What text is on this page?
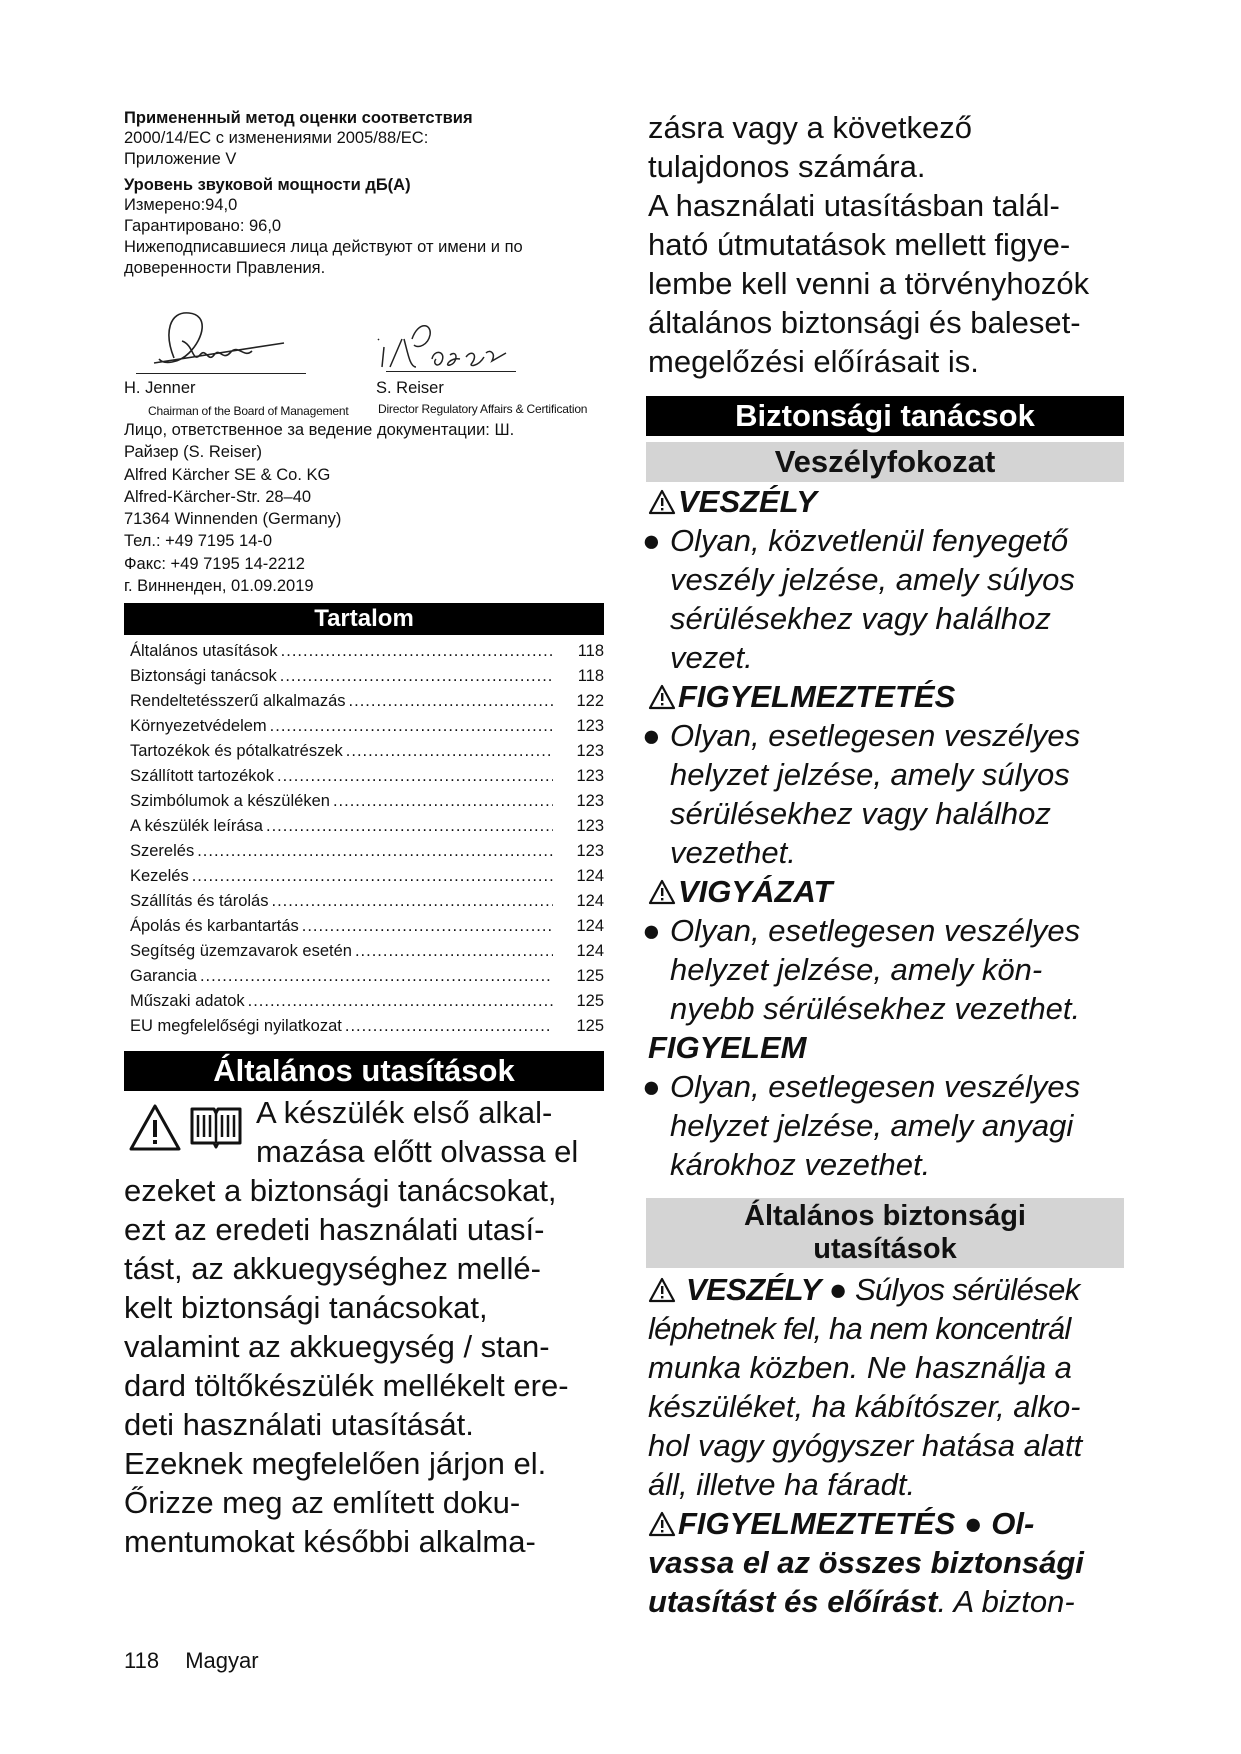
Примененный метод оценки соответствия
2000/14/EC с изменениями 2005/88/EC:
Приложение V
Уровень звуковой мощности дБ(A)
Измерено:94,0
Гарантировано: 96,0
Нижеподписавшиеся лица действуют от имени и по
доверенности Правления.
H. Jenner
Chairman of the Board of Management
S. Reiser
Director Regulatory Affairs & Certification
Лицо, ответственное за ведение документации: Ш.
Райзер (S. Reiser)
Alfred Kärcher SE & Co. KG
Alfred-Kärcher-Str. 28–40
71364 Winnenden (Germany)
Тел.: +49 7195 14-0
Факс: +49 7195 14-2212
г. Винненден, 01.09.2019
Tartalom
Általános utasítások .....	118
Biztonsági tanácsok .....	118
Rendeltetésszerű alkalmazás .....	122
Környezetvédelem .....	123
Tartozékok és pótalkatrészek .....	123
Szállított tartozékok .....	123
Szimbólumok a készüléken .....	123
A készülék leírása .....	123
Szerelés .....	123
Kezelés .....	124
Szállítás és tárolás .....	124
Ápolás és karbantartás .....	124
Segítség üzemzavarok esetén .....	124
Garancia .....	125
Műszaki adatok .....	125
EU megfelelőségi nyilatkozat .....	125
Általános utasítások
A készülék első alkal-
mazása előtt olvassa el
ezeket a biztonsági tanácsokat,
ezt az eredeti használati utasí-
tást, az akkuegységhez mellé-
kelt biztonsági tanácsokat,
valamint az akkuegység / stan-
dard töltőkészülék mellékelt ere-
deti használati utasítását.
Ezeknek megfelelően járjon el.
Őrizze meg az említett doku-
mentumokat későbbi alkalma-
zásra vagy a következő
tulajdonos számára.
A használati utasításban talál-
ható útmutatások mellett figye-
lembe kell venni a törvényhozók
általános biztonsági és baleset-
megelőzési előírásait is.
Biztonsági tanácsok
Veszélyfokozat
VESZÉLY
● Olyan, közvetlenül fenyegető
veszély jelzése, amely súlyos
sérülésekhez vagy halálhoz
vezet.
FIGYELMEZTETÉS
● Olyan, esetlegesen veszélyes
helyzet jelzése, amely súlyos
sérülésekhez vagy halálhoz
vezethet.
VIGYÁZAT
● Olyan, esetlegesen veszélyes
helyzet jelzése, amely kön-
nyebb sérülésekhez vezethet.
FIGYELEM
● Olyan, esetlegesen veszélyes
helyzet jelzése, amely anyagi
károkhoz vezethet.
Általános biztonsági
utasítások
VESZÉLY ● Súlyos sérülések
léphetnek fel, ha nem koncentrál
munka közben. Ne használja a
készüléket, ha kábítószer, alko-
hol vagy gyógyszer hatása alatt
áll, illetve ha fáradt.
FIGYELMEZTETÉS ● Ol-
vassa el az összes biztonsági
utasítást és előírást. A bizton-
118 Magyar
